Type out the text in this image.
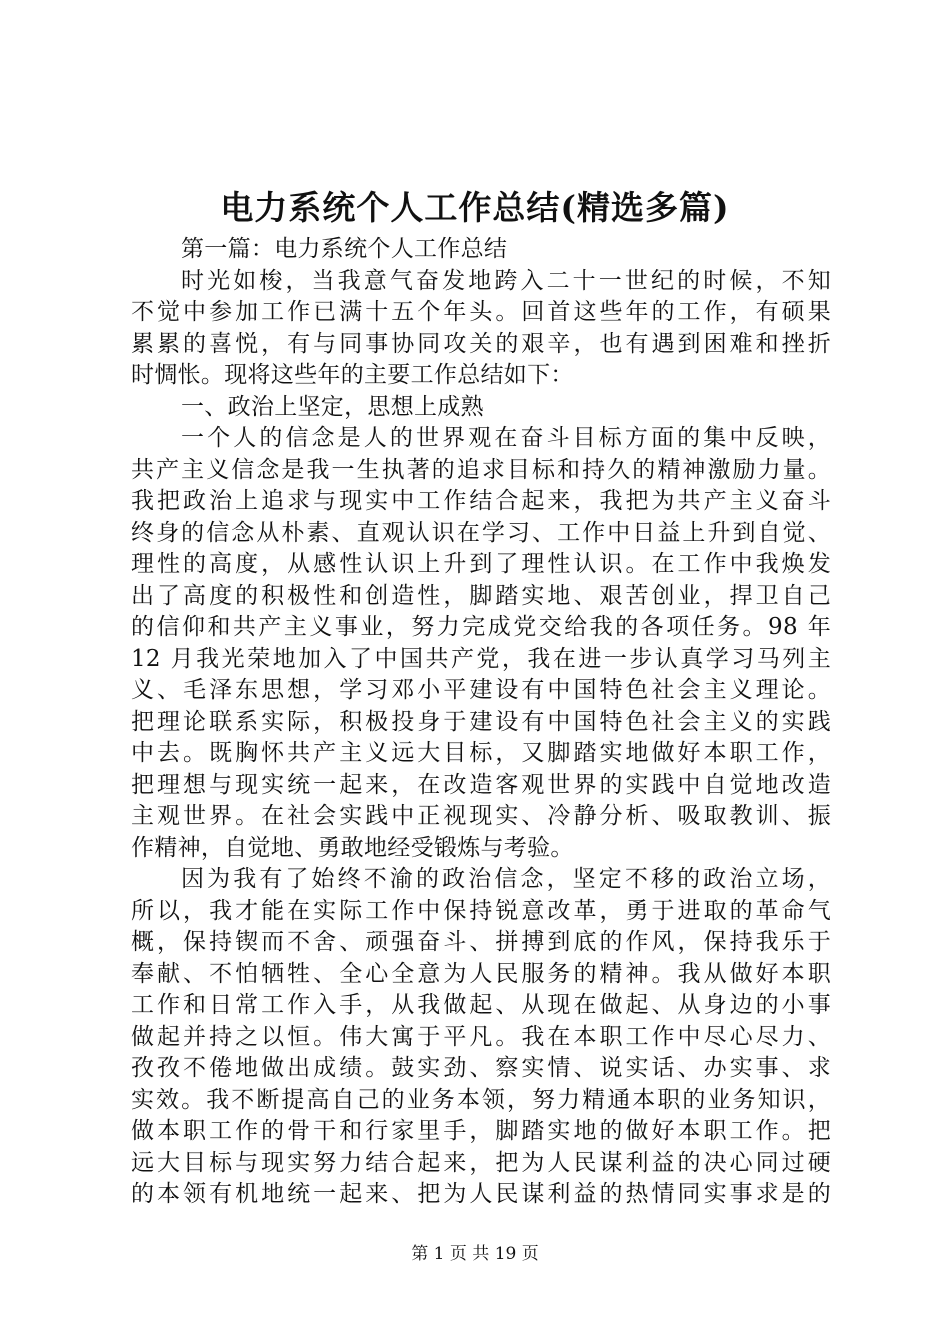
电力系统个人工作总结(精选多篇)
第一篇：电力系统个人工作总结
时光如梭，当我意气奋发地跨入二十一世纪的时候，不知
不觉中参加工作已满十五个年头。回首这些年的工作，有硕果
累累的喜悦，有与同事协同攻关的艰辛，也有遇到困难和挫折
时惆怅。现将这些年的主要工作总结如下：
一、政治上坚定，思想上成熟
一个人的信念是人的世界观在奋斗目标方面的集中反映，
共产主义信念是我一生执著的追求目标和持久的精神激励力量。
我把政治上追求与现实中工作结合起来，我把为共产主义奋斗
终身的信念从朴素、直观认识在学习、工作中日益上升到自觉、
理性的高度，从感性认识上升到了理性认识。在工作中我焕发
出了高度的积极性和创造性，脚踏实地、艰苦创业，捍卫自己
的信仰和共产主义事业，努力完成党交给我的各项任务。98 年
12 月我光荣地加入了中国共产党，我在进一步认真学习马列主
义、毛泽东思想，学习邓小平建设有中国特色社会主义理论。
把理论联系实际，积极投身于建设有中国特色社会主义的实践
中去。既胸怀共产主义远大目标，又脚踏实地做好本职工作，
把理想与现实统一起来，在改造客观世界的实践中自觉地改造
主观世界。在社会实践中正视现实、冷静分析、吸取教训、振
作精神，自觉地、勇敢地经受锻炼与考验。
因为我有了始终不渝的政治信念，坚定不移的政治立场，
所以，我才能在实际工作中保持锐意改革，勇于进取的革命气
概，保持锲而不舍、顽强奋斗、拼搏到底的作风，保持我乐于
奉献、不怕牺牲、全心全意为人民服务的精神。我从做好本职
工作和日常工作入手，从我做起、从现在做起、从身边的小事
做起并持之以恒。伟大寓于平凡。我在本职工作中尽心尽力、
孜孜不倦地做出成绩。鼓实劲、察实情、说实话、办实事、求
实效。我不断提高自己的业务本领，努力精通本职的业务知识，
做本职工作的骨干和行家里手，脚踏实地的做好本职工作。把
远大目标与现实努力结合起来，把为人民谋利益的决心同过硬
的本领有机地统一起来、把为人民谋利益的热情同实事求是的
第 1 页 共 19 页
